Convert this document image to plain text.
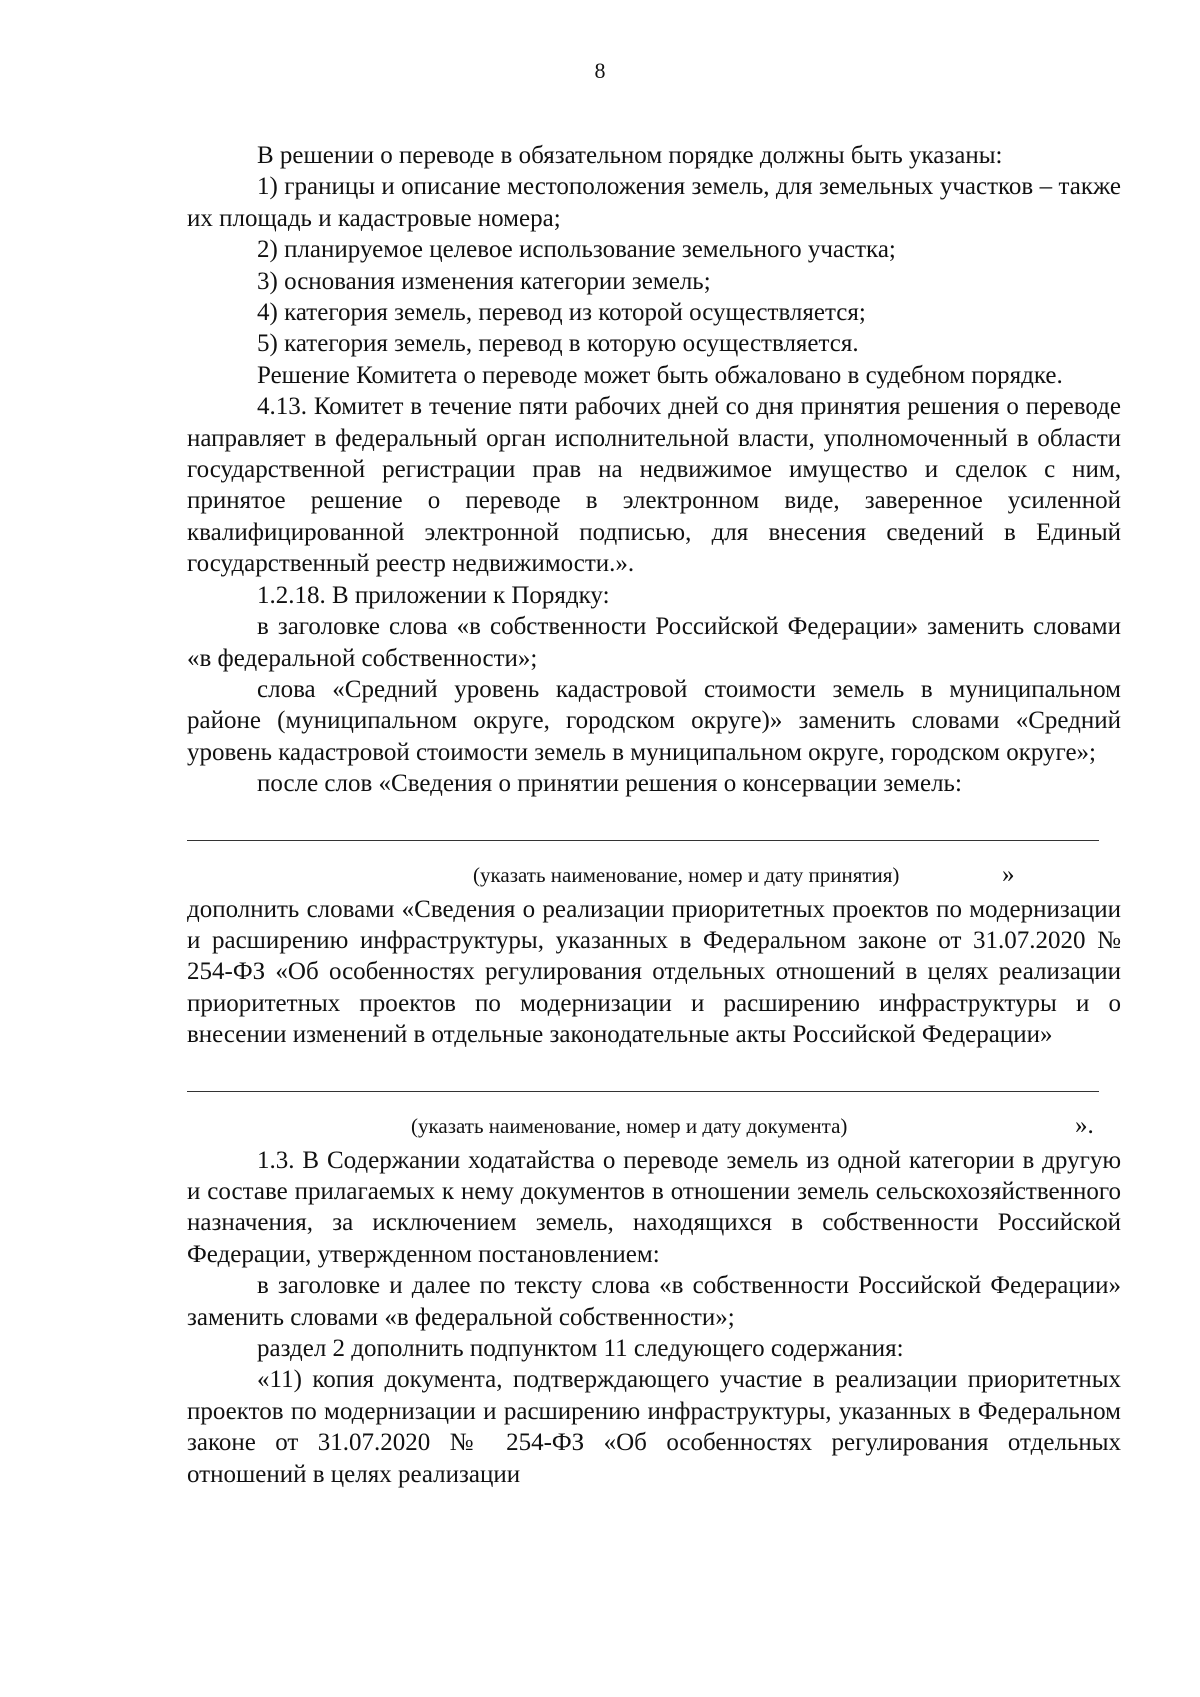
8

В решении о переводе в обязательном порядке должны быть указаны:

1) границы и описание местоположения земель, для земельных участков – также их площадь и кадастровые номера;

2) планируемое целевое использование земельного участка;

3) основания изменения категории земель;

4) категория земель, перевод из которой осуществляется;

5) категория земель, перевод в которую осуществляется.

Решение Комитета о переводе может быть обжаловано в судебном порядке.

4.13. Комитет в течение пяти рабочих дней со дня принятия решения о переводе направляет в федеральный орган исполнительной власти, уполномоченный в области государственной регистрации прав на недвижимое имущество и сделок с ним, принятое решение о переводе в электронном виде, заверенное усиленной квалифицированной электронной подписью, для внесения сведений в Единый государственный реестр недвижимости.».

1.2.18. В приложении к Порядку:

в заголовке слова «в собственности Российской Федерации» заменить словами «в федеральной собственности»;

слова «Средний уровень кадастровой стоимости земель в муниципальном районе (муниципальном округе, городском округе)» заменить словами «Средний уровень кадастровой стоимости земель в муниципальном округе, городском округе»;

после слов «Сведения о принятии решения о консервации земель:

(указать наименование, номер и дату принятия)	»

дополнить словами «Сведения о реализации приоритетных проектов по модернизации и расширению инфраструктуры, указанных в Федеральном законе от 31.07.2020 № 254-ФЗ «Об особенностях регулирования отдельных отношений в целях реализации приоритетных проектов по модернизации и расширению инфраструктуры и о внесении изменений в отдельные законодательные акты Российской Федерации»

(указать наименование, номер и дату документа)	».

1.3. В Содержании ходатайства о переводе земель из одной категории в другую и составе прилагаемых к нему документов в отношении земель сельскохозяйственного назначения, за исключением земель, находящихся в собственности Российской Федерации, утвержденном постановлением:

в заголовке и далее по тексту слова «в собственности Российской Федерации» заменить словами «в федеральной собственности»;

раздел 2 дополнить подпунктом 11 следующего содержания:

«11) копия документа, подтверждающего участие в реализации приоритетных проектов по модернизации и расширению инфраструктуры, указанных в Федеральном законе от 31.07.2020 № 254-ФЗ «Об особенностях регулирования отдельных отношений в целях реализации
